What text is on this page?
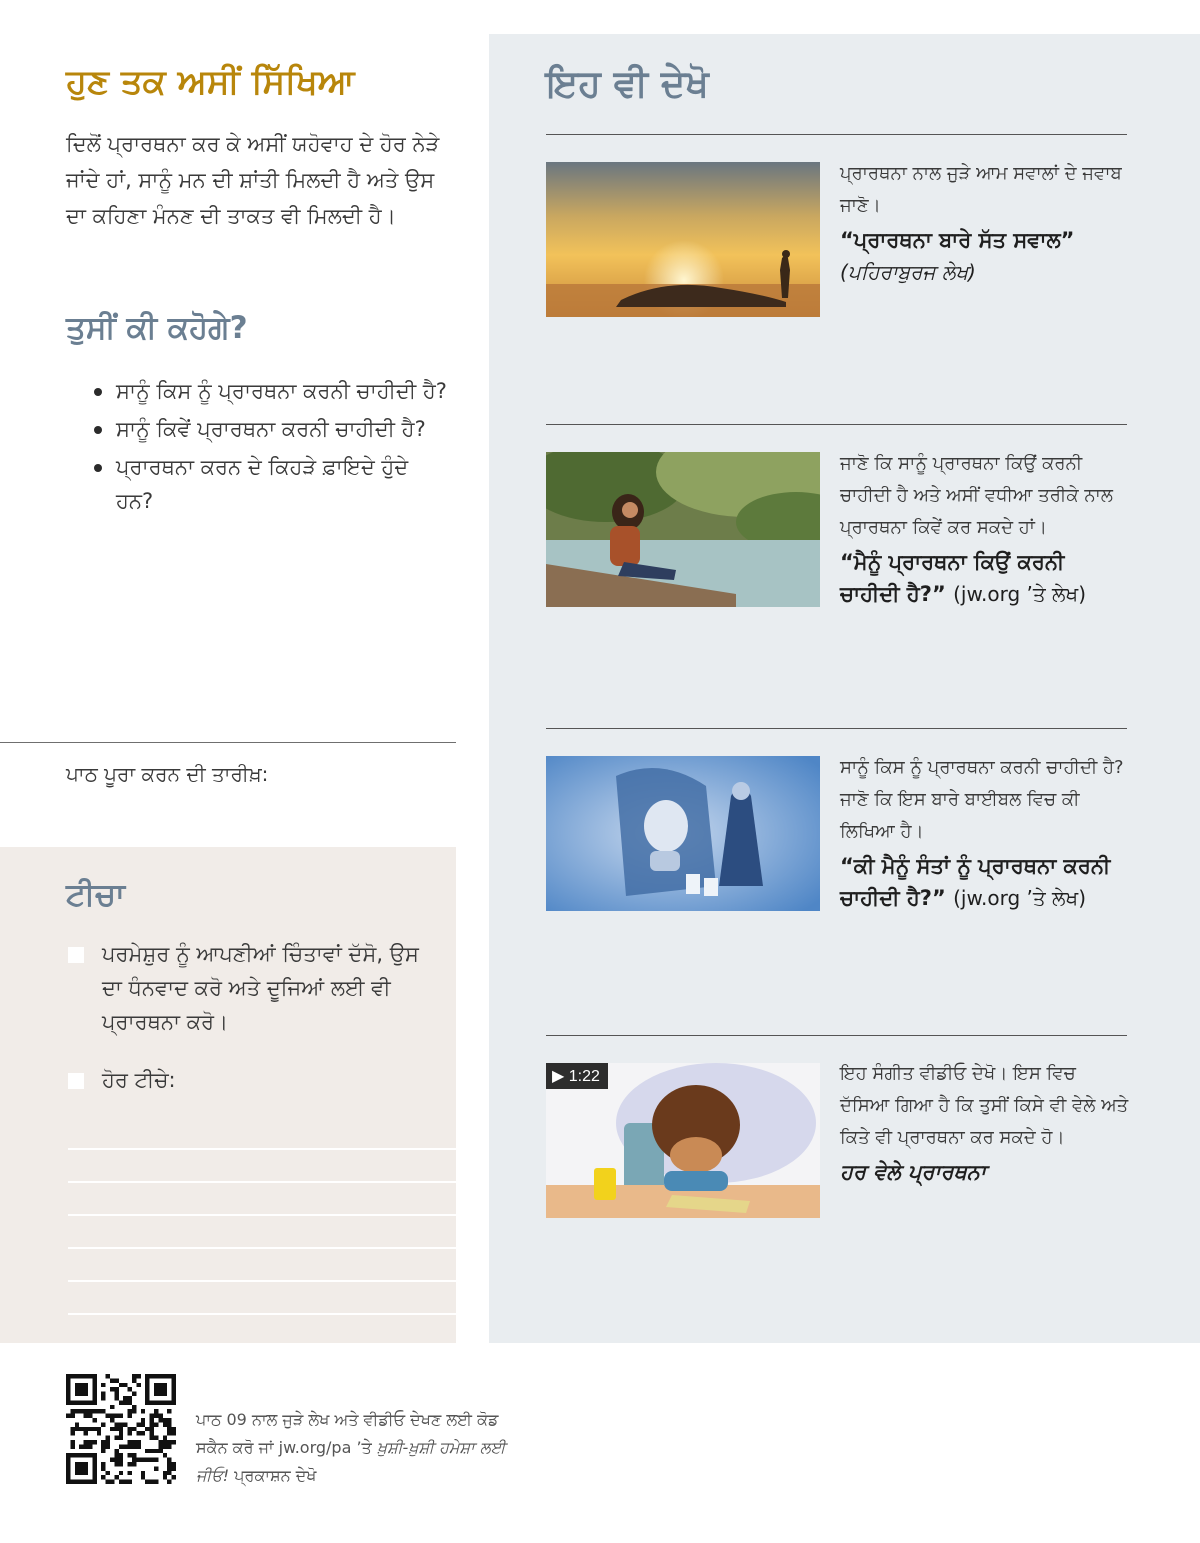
ਹੁਣ ਤਕ ਅਸੀਂ ਸਿੱਖਿਆ

ਦਿਲੋਂ ਪ੍ਰਾਰਥਨਾ ਕਰ ਕੇ ਅਸੀਂ ਯਹੋਵਾਹ ਦੇ ਹੋਰ ਨੇੜੇ ਜਾਂਦੇ ਹਾਂ, ਸਾਨੂੰ ਮਨ ਦੀ ਸ਼ਾਂਤੀ ਮਿਲਦੀ ਹੈ ਅਤੇ ਉਸ ਦਾ ਕਹਿਣਾ ਮੰਨਣ ਦੀ ਤਾਕਤ ਵੀ ਮਿਲਦੀ ਹੈ।

ਤੁਸੀਂ ਕੀ ਕਹੋਗੇ?
ਸਾਨੂੰ ਕਿਸ ਨੂੰ ਪ੍ਰਾਰਥਨਾ ਕਰਨੀ ਚਾਹੀਦੀ ਹੈ?
ਸਾਨੂੰ ਕਿਵੇਂ ਪ੍ਰਾਰਥਨਾ ਕਰਨੀ ਚਾਹੀਦੀ ਹੈ?
ਪ੍ਰਾਰਥਨਾ ਕਰਨ ਦੇ ਕਿਹੜੇ ਫ਼ਾਇਦੇ ਹੁੰਦੇ ਹਨ?
ਪਾਠ ਪੂਰਾ ਕਰਨ ਦੀ ਤਾਰੀਖ਼:
ਟੀਚਾ
ਪਰਮੇਸ਼ੁਰ ਨੂੰ ਆਪਣੀਆਂ ਚਿੰਤਾਵਾਂ ਦੱਸੋ, ਉਸ ਦਾ ਧੰਨਵਾਦ ਕਰੋ ਅਤੇ ਦੂਜਿਆਂ ਲਈ ਵੀ ਪ੍ਰਾਰਥਨਾ ਕਰੋ।
ਹੋਰ ਟੀਚੇ:
ਇਹ ਵੀ ਦੇਖੋ

ਪ੍ਰਾਰਥਨਾ ਨਾਲ ਜੁੜੇ ਆਮ ਸਵਾਲਾਂ ਦੇ ਜਵਾਬ ਜਾਣੋ।

“ਪ੍ਰਾਰਥਨਾ ਬਾਰੇ ਸੱਤ ਸਵਾਲ”
(ਪਹਿਰਾਬੁਰਜ ਲੇਖ)

ਜਾਣੋ ਕਿ ਸਾਨੂੰ ਪ੍ਰਾਰਥਨਾ ਕਿਉਂ ਕਰਨੀ ਚਾਹੀਦੀ ਹੈ ਅਤੇ ਅਸੀਂ ਵਧੀਆ ਤਰੀਕੇ ਨਾਲ ਪ੍ਰਾਰਥਨਾ ਕਿਵੇਂ ਕਰ ਸਕਦੇ ਹਾਂ।

“ਮੈਨੂੰ ਪ੍ਰਾਰਥਨਾ ਕਿਉਂ ਕਰਨੀ ਚਾਹੀਦੀ ਹੈ?” (jw.org ’ਤੇ ਲੇਖ)

ਸਾਨੂੰ ਕਿਸ ਨੂੰ ਪ੍ਰਾਰਥਨਾ ਕਰਨੀ ਚਾਹੀਦੀ ਹੈ? ਜਾਣੋ ਕਿ ਇਸ ਬਾਰੇ ਬਾਈਬਲ ਵਿਚ ਕੀ ਲਿਖਿਆ ਹੈ।

“ਕੀ ਮੈਨੂੰ ਸੰਤਾਂ ਨੂੰ ਪ੍ਰਾਰਥਨਾ ਕਰਨੀ ਚਾਹੀਦੀ ਹੈ?” (jw.org ’ਤੇ ਲੇਖ)

▶ 1:22	ਇਹ ਸੰਗੀਤ ਵੀਡੀਓ ਦੇਖੋ। ਇਸ ਵਿਚ ਦੱਸਿਆ ਗਿਆ ਹੈ ਕਿ ਤੁਸੀਂ ਕਿਸੇ ਵੀ ਵੇਲੇ ਅਤੇ ਕਿਤੇ ਵੀ ਪ੍ਰਾਰਥਨਾ ਕਰ ਸਕਦੇ ਹੋ।

ਹਰ ਵੇਲੇ ਪ੍ਰਾਰਥਨਾ

ਪਾਠ 09 ਨਾਲ ਜੁੜੇ ਲੇਖ ਅਤੇ ਵੀਡੀਓ ਦੇਖਣ ਲਈ ਕੋਡ ਸਕੈਨ ਕਰੋ ਜਾਂ jw.org/pa ’ਤੇ ਖ਼ੁਸ਼ੀ-ਖ਼ੁਸ਼ੀ ਹਮੇਸ਼ਾ ਲਈ ਜੀਓ! ਪ੍ਰਕਾਸ਼ਨ ਦੇਖੋ
